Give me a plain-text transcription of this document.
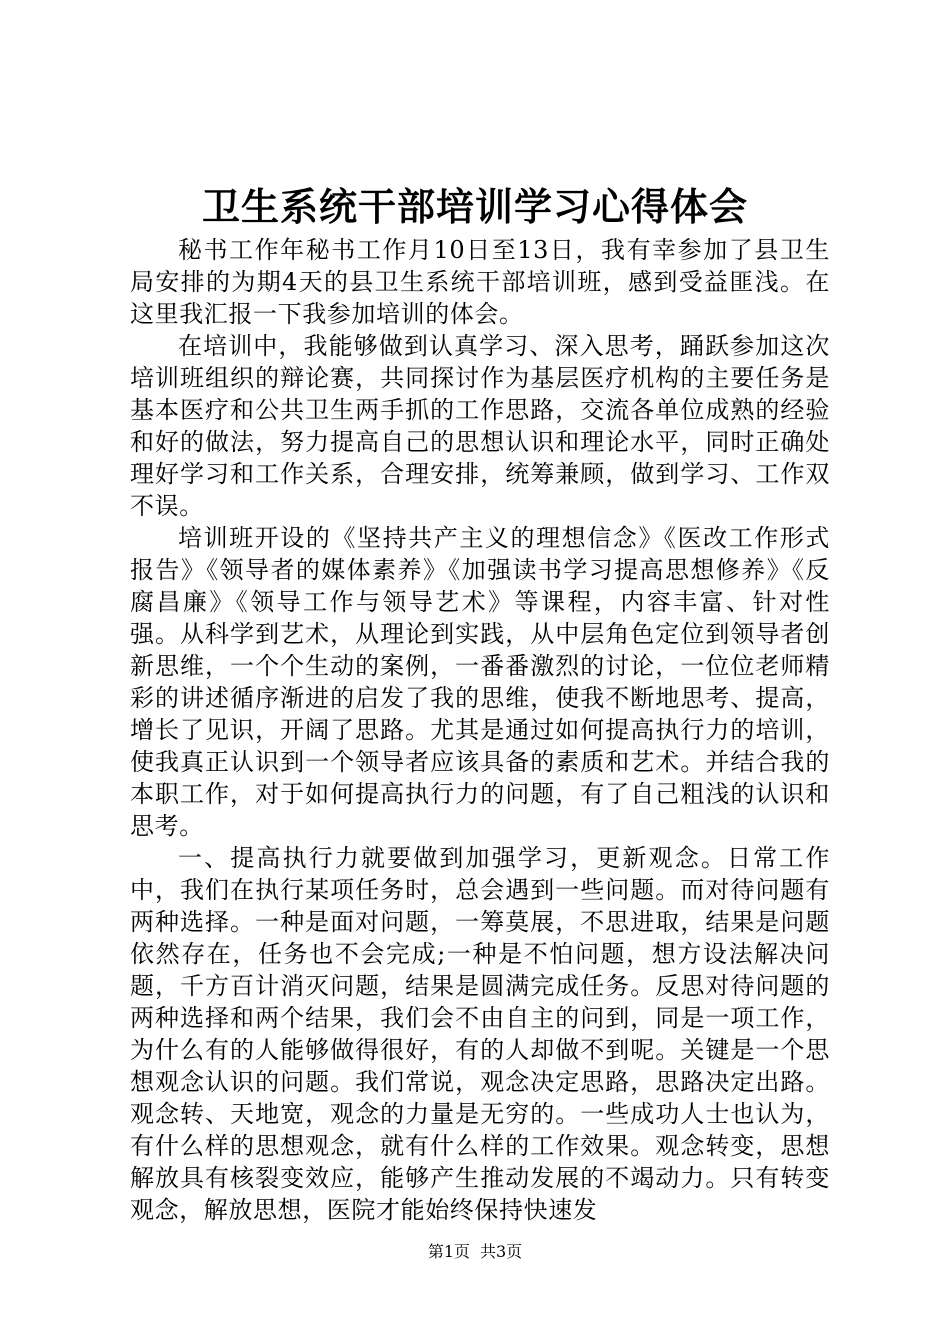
卫生系统干部培训学习心得体会

秘书工作年秘书工作月10日至13日，我有幸参加了县卫生局安排的为期4天的县卫生系统干部培训班，感到受益匪浅。在这里我汇报一下我参加培训的体会。

在培训中，我能够做到认真学习、深入思考，踊跃参加这次培训班组织的辩论赛，共同探讨作为基层医疗机构的主要任务是基本医疗和公共卫生两手抓的工作思路，交流各单位成熟的经验和好的做法，努力提高自己的思想认识和理论水平，同时正确处理好学习和工作关系，合理安排，统筹兼顾，做到学习、工作双不误。

培训班开设的《坚持共产主义的理想信念》《医改工作形式报告》《领导者的媒体素养》《加强读书学习提高思想修养》《反腐昌廉》《领导工作与领导艺术》等课程，内容丰富、针对性强。从科学到艺术，从理论到实践，从中层角色定位到领导者创新思维，一个个生动的案例，一番番激烈的讨论，一位位老师精彩的讲述循序渐进的启发了我的思维，使我不断地思考、提高，增长了见识，开阔了思路。尤其是通过如何提高执行力的培训，使我真正认识到一个领导者应该具备的素质和艺术。并结合我的本职工作，对于如何提高执行力的问题，有了自己粗浅的认识和思考。

一、提高执行力就要做到加强学习，更新观念。日常工作中，我们在执行某项任务时，总会遇到一些问题。而对待问题有两种选择。一种是面对问题，一筹莫展，不思进取，结果是问题依然存在，任务也不会完成;一种是不怕问题，想方设法解决问题，千方百计消灭问题，结果是圆满完成任务。反思对待问题的两种选择和两个结果，我们会不由自主的问到，同是一项工作，为什么有的人能够做得很好，有的人却做不到呢。关键是一个思想观念认识的问题。我们常说，观念决定思路，思路决定出路。观念转、天地宽，观念的力量是无穷的。一些成功人士也认为，有什么样的思想观念，就有什么样的工作效果。观念转变，思想解放具有核裂变效应，能够产生推动发展的不竭动力。只有转变观念，解放思想，医院才能始终保持快速发

第1页 共3页
